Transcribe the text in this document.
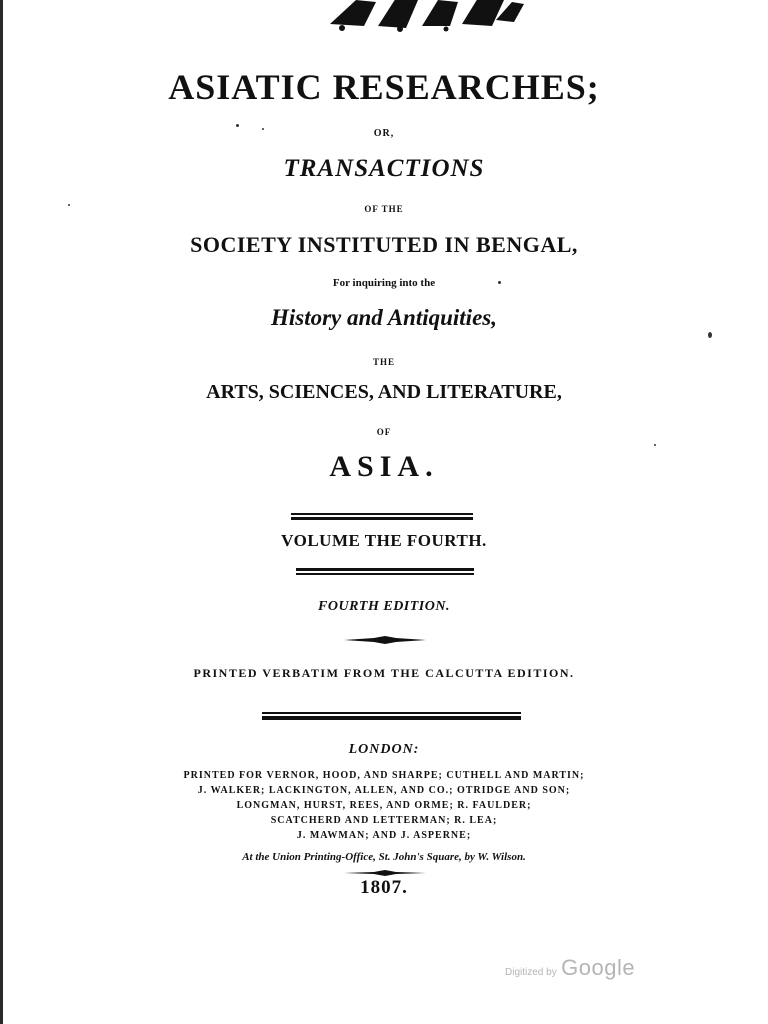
ASIATIC RESEARCHES;
OR,
TRANSACTIONS
OF THE
SOCIETY INSTITUTED IN BENGAL,
For inquiring into the
History and Antiquities,
THE
ARTS, SCIENCES, AND LITERATURE,
OF
ASIA.
VOLUME THE FOURTH.
FOURTH EDITION.
PRINTED VERBATIM FROM THE CALCUTTA EDITION.
LONDON:
PRINTED FOR VERNOR, HOOD, AND SHARPE; CUTHELL AND MARTIN;
J. WALKER; LACKINGTON, ALLEN, AND CO.; OTRIDGE AND SON;
LONGMAN, HURST, REES, AND ORME; R. FAULDER;
SCATCHERD AND LETTERMAN; R. LEA;
J. MAWMAN; AND J. ASPERNE;
At the Union Printing-Office, St. John's Square, by W. Wilson.
1807.
Digitized by Google
